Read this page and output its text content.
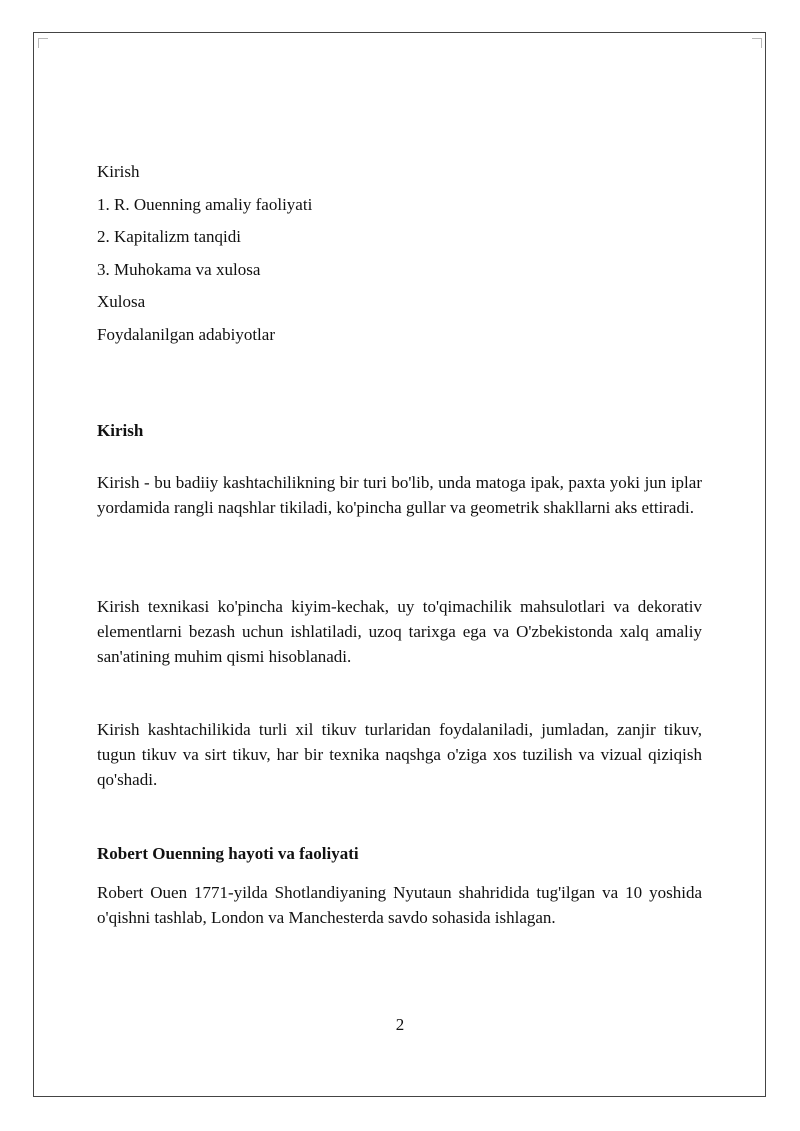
Kirish
1. R. Ouenning amaliy faoliyati
2. Kapitalizm tanqidi
3. Muhokama va xulosa
Xulosa
Foydalanilgan adabiyotlar
Kirish

Kirish - bu badiiy kashtachilikning bir turi bo'lib, unda matoga ipak, paxta yoki jun iplar yordamida rangli naqshlar tikiladi, ko'pincha gullar va geometrik shakllarni aks ettiradi.

Kirish texnikasi ko'pincha kiyim-kechak, uy to'qimachilik mahsulotlari va dekorativ elementlarni bezash uchun ishlatiladi, uzoq tarixga ega va O'zbekistonda xalq amaliy san'atining muhim qismi hisoblanadi.

Kirish kashtachilikida turli xil tikuv turlaridan foydalaniladi, jumladan, zanjir tikuv, tugun tikuv va sirt tikuv, har bir texnika naqshga o'ziga xos tuzilish va vizual qiziqish qo'shadi.

Robert Ouenning hayoti va faoliyati

Robert Ouen 1771-yilda Shotlandiyaning Nyutaun shahridida tug'ilgan va 10 yoshida o'qishni tashlab, London va Manchesterda savdo sohasida ishlagan.

2
